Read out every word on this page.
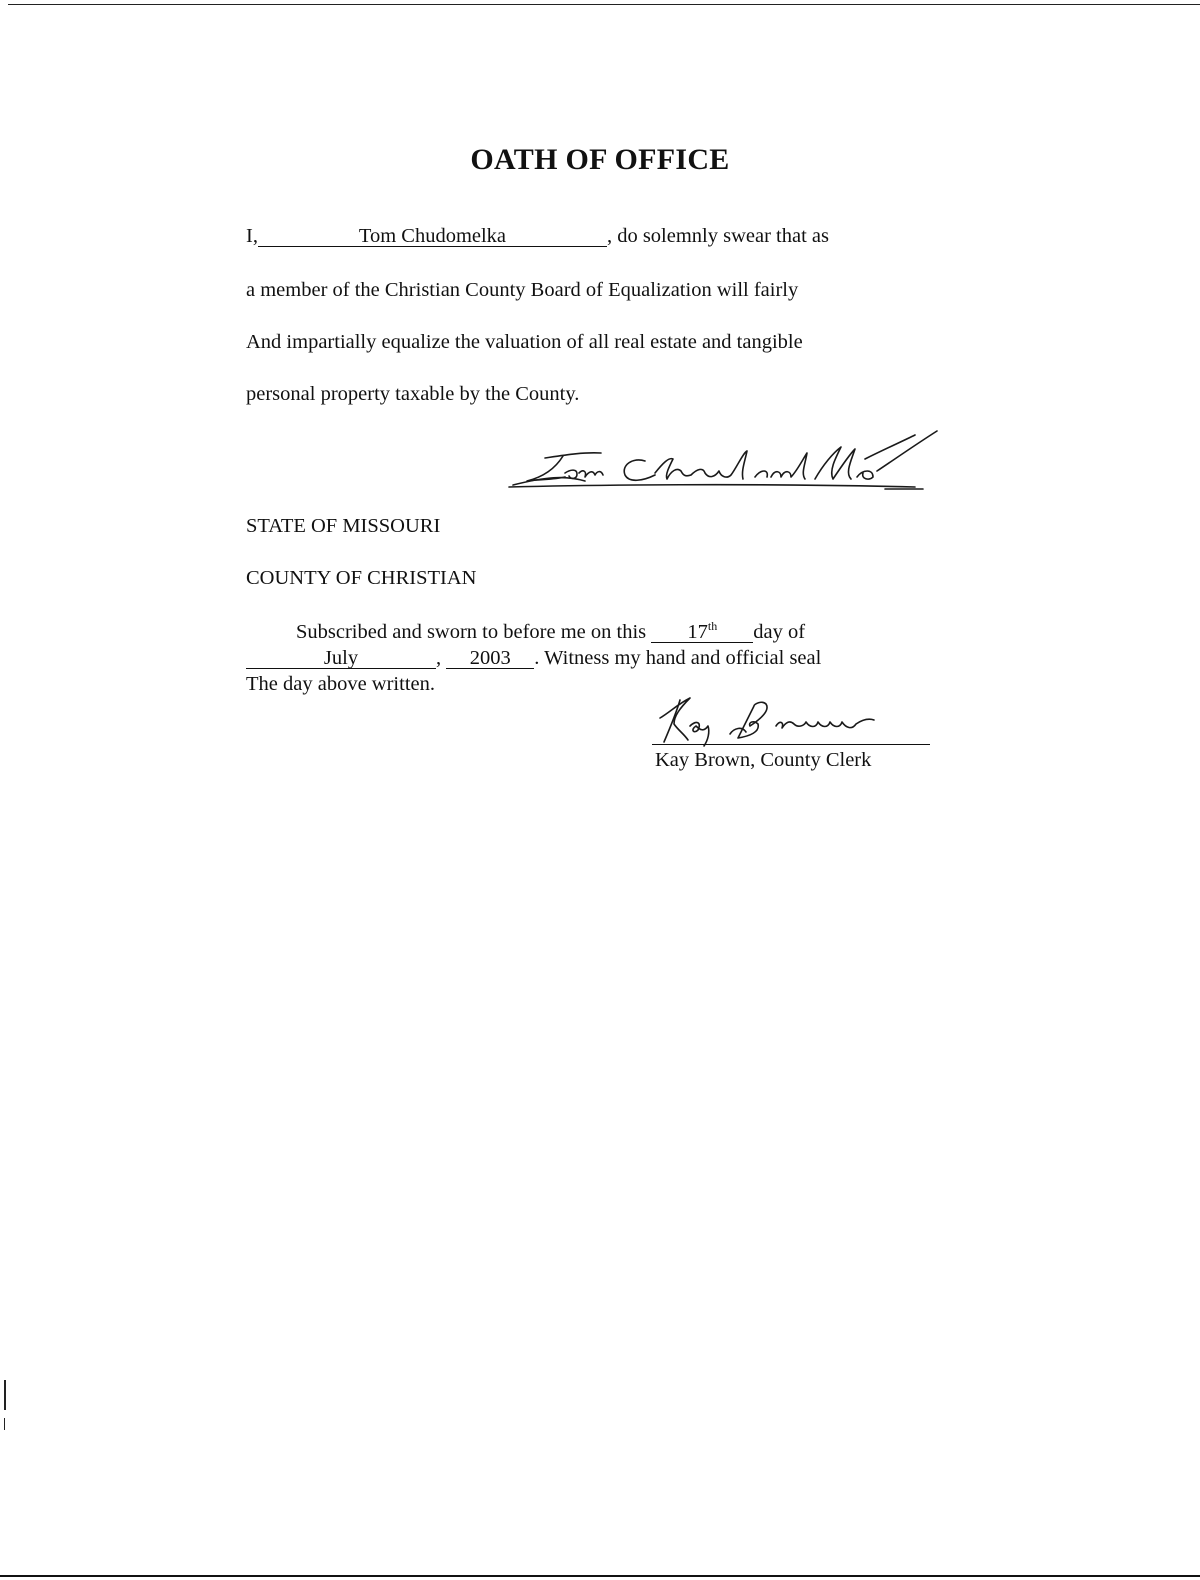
OATH OF OFFICE
I,	Tom Chudomelka	, do solemnly swear that as
a member of the Christian County Board of Equalization will fairly
And impartially equalize the valuation of all real estate and tangible
personal property taxable by the County.
STATE OF MISSOURI
COUNTY OF CHRISTIAN
Subscribed and sworn to before me on this 17th day of
July	, 2003 . Witness my hand and official seal
The day above written.
Kay Brown, County Clerk
